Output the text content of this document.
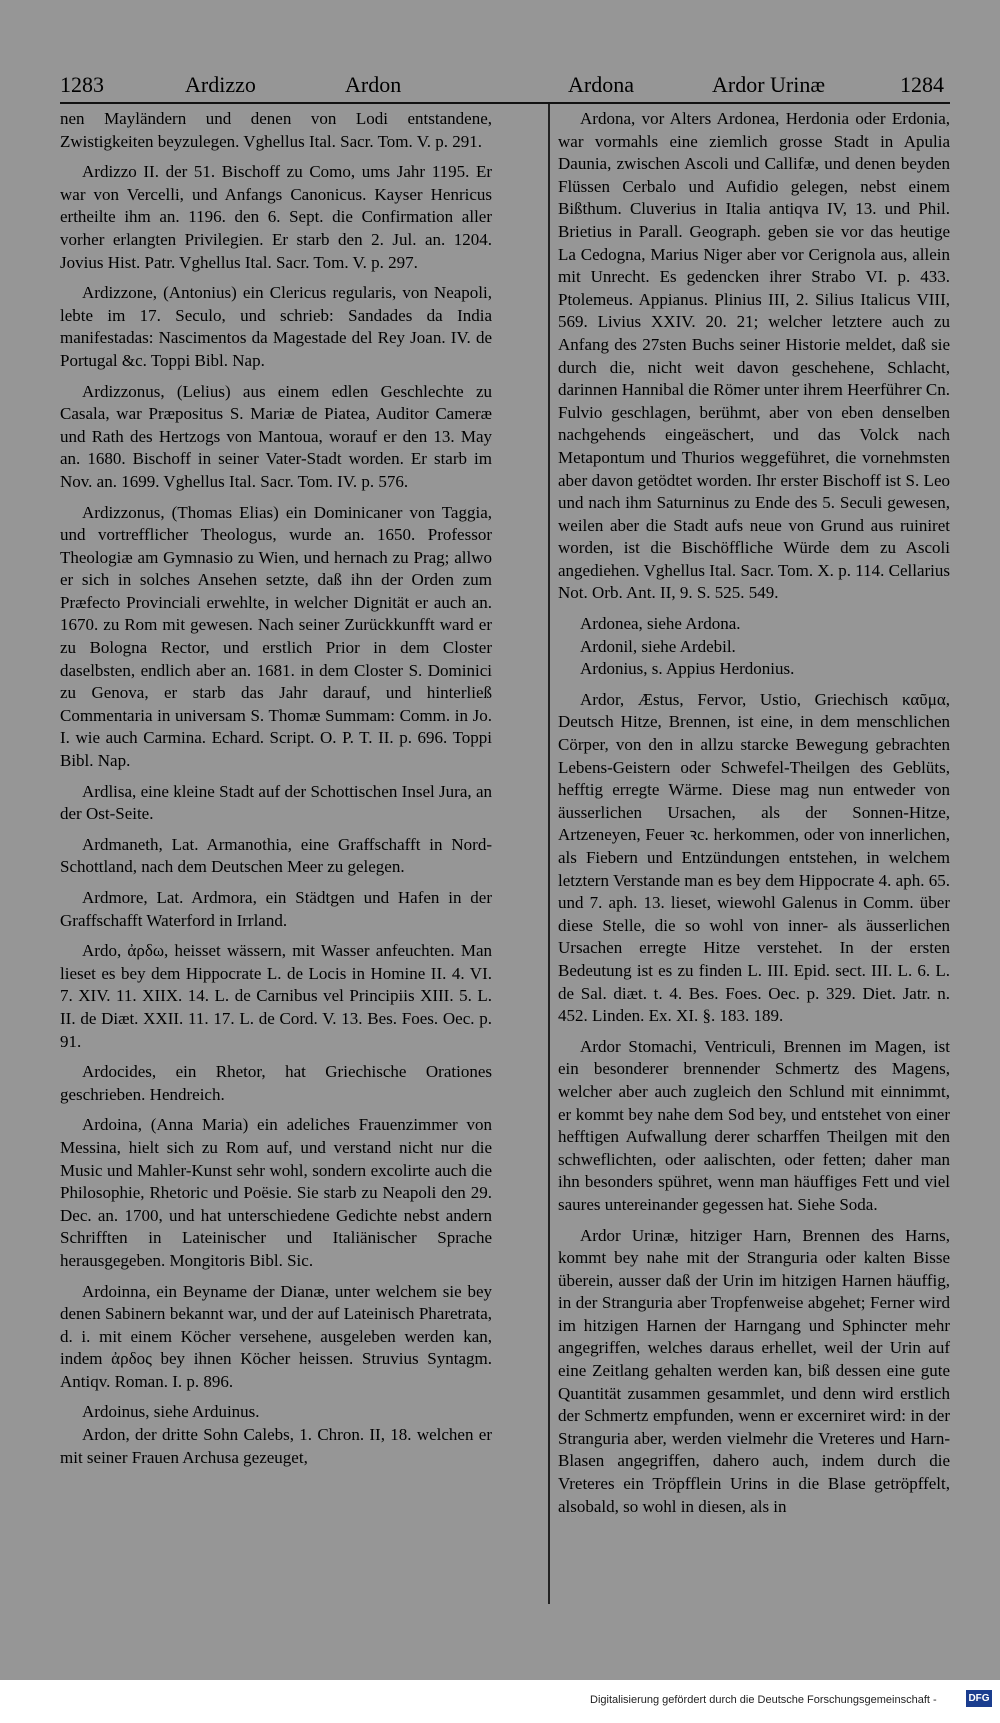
1283	Ardizzo	Ardon	Ardona	Ardor Urinæ	1284

nen Mayländern und denen von Lodi entstandene, Zwistigkeiten beyzulegen. Vghellus Ital. Sacr. Tom. V. p. 291.

Ardizzo II. der 51. Bischoff zu Como, ums Jahr 1195. Er war von Vercelli, und Anfangs Canonicus. Kayser Henricus ertheilte ihm an. 1196. den 6. Sept. die Confirmation aller vorher erlangten Privilegien. Er starb den 2. Jul. an. 1204. Jovius Hist. Patr. Vghellus Ital. Sacr. Tom. V. p. 297.

Ardizzone, (Antonius) ein Clericus regularis, von Neapoli, lebte im 17. Seculo, und schrieb: Sandades da India manifestadas: Nascimentos da Magestade del Rey Joan. IV. de Portugal &c. Toppi Bibl. Nap.

Ardizzonus, (Lelius) aus einem edlen Geschlechte zu Casala, war Præpositus S. Mariæ de Piatea, Auditor Cameræ und Rath des Hertzogs von Mantoua, worauf er den 13. May an. 1680. Bischoff in seiner Vater-Stadt worden. Er starb im Nov. an. 1699. Vghellus Ital. Sacr. Tom. IV. p. 576.

Ardizzonus, (Thomas Elias) ein Dominicaner von Taggia, und vortrefflicher Theologus, wurde an. 1650. Professor Theologiæ am Gymnasio zu Wien, und hernach zu Prag; allwo er sich in solches Ansehen setzte, daß ihn der Orden zum Præfecto Provinciali erwehlte, in welcher Dignität er auch an. 1670. zu Rom mit gewesen. Nach seiner Zurückkunfft ward er zu Bologna Rector, und erstlich Prior in dem Closter daselbsten, endlich aber an. 1681. in dem Closter S. Dominici zu Genova, er starb das Jahr darauf, und hinterließ Commentaria in universam S. Thomæ Summam: Comm. in Jo. I. wie auch Carmina. Echard. Script. O. P. T. II. p. 696. Toppi Bibl. Nap.

Ardlisa, eine kleine Stadt auf der Schottischen Insel Jura, an der Ost-Seite.

Ardmaneth, Lat. Armanothia, eine Graffschafft in Nord-Schottland, nach dem Deutschen Meer zu gelegen.

Ardmore, Lat. Ardmora, ein Städtgen und Hafen in der Graffschafft Waterford in Irrland.

Ardo, ἀρδω, heisset wässern, mit Wasser anfeuchten. Man lieset es bey dem Hippocrate L. de Locis in Homine II. 4. VI. 7. XIV. 11. XIIX. 14. L. de Carnibus vel Principiis XIII. 5. L. II. de Diæt. XXII. 11. 17. L. de Cord. V. 13. Bes. Foes. Oec. p. 91.

Ardocides, ein Rhetor, hat Griechische Orationes geschrieben. Hendreich.

Ardoina, (Anna Maria) ein adeliches Frauenzimmer von Messina, hielt sich zu Rom auf, und verstand nicht nur die Music und Mahler-Kunst sehr wohl, sondern excolirte auch die Philosophie, Rhetoric und Poësie. Sie starb zu Neapoli den 29. Dec. an. 1700, und hat unterschiedene Gedichte nebst andern Schrifften in Lateinischer und Italiänischer Sprache herausgegeben. Mongitoris Bibl. Sic.

Ardoinna, ein Beyname der Dianæ, unter welchem sie bey denen Sabinern bekannt war, und der auf Lateinisch Pharetrata, d. i. mit einem Köcher versehene, ausgeleben werden kan, indem ἀρδος bey ihnen Köcher heissen. Struvius Syntagm. Antiqv. Roman. I. p. 896.

Ardoinus, siehe Arduinus.

Ardon, der dritte Sohn Calebs, 1. Chron. II, 18. welchen er mit seiner Frauen Archusa gezeuget,

Ardona, vor Alters Ardonea, Herdonia oder Erdonia, war vormahls eine ziemlich grosse Stadt in Apulia Daunia, zwischen Ascoli und Callifæ, und denen beyden Flüssen Cerbalo und Aufidio gelegen, nebst einem Bißthum. Cluverius in Italia antiqva IV, 13. und Phil. Brietius in Parall. Geograph. geben sie vor das heutige La Cedogna, Marius Niger aber vor Cerignola aus, allein mit Unrecht. Es gedencken ihrer Strabo VI. p. 433. Ptolemeus. Appianus. Plinius III, 2. Silius Italicus VIII, 569. Livius XXIV. 20. 21; welcher letztere auch zu Anfang des 27sten Buchs seiner Historie meldet, daß sie durch die, nicht weit davon geschehene, Schlacht, darinnen Hannibal die Römer unter ihrem Heerführer Cn. Fulvio geschlagen, berühmt, aber von eben denselben nachgehends eingeäschert, und das Volck nach Metapontum und Thurios weggeführet, die vornehmsten aber davon getödtet worden. Ihr erster Bischoff ist S. Leo und nach ihm Saturninus zu Ende des 5. Seculi gewesen, weilen aber die Stadt aufs neue von Grund aus ruiniret worden, ist die Bischöffliche Würde dem zu Ascoli angediehen. Vghellus Ital. Sacr. Tom. X. p. 114. Cellarius Not. Orb. Ant. II, 9. S. 525. 549.

Ardonea, siehe Ardona.

Ardonil, siehe Ardebil.

Ardonius, s. Appius Herdonius.

Ardor, Æstus, Fervor, Ustio, Griechisch καῦμα, Deutsch Hitze, Brennen, ist eine, in dem menschlichen Cörper, von den in allzu starcke Bewegung gebrachten Lebens-Geistern oder Schwefel-Theilgen des Geblüts, hefftig erregte Wärme. Diese mag nun entweder von äusserlichen Ursachen, als der Sonnen-Hitze, Artzeneyen, Feuer ꝛc. herkommen, oder von innerlichen, als Fiebern und Entzündungen entstehen, in welchem letztern Verstande man es bey dem Hippocrate 4. aph. 65. und 7. aph. 13. lieset, wiewohl Galenus in Comm. über diese Stelle, die so wohl von inner- als äusserlichen Ursachen erregte Hitze verstehet. In der ersten Bedeutung ist es zu finden L. III. Epid. sect. III. L. 6. L. de Sal. diæt. t. 4. Bes. Foes. Oec. p. 329. Diet. Jatr. n. 452. Linden. Ex. XI. §. 183. 189.

Ardor Stomachi, Ventriculi, Brennen im Magen, ist ein besonderer brennender Schmertz des Magens, welcher aber auch zugleich den Schlund mit einnimmt, er kommt bey nahe dem Sod bey, und entstehet von einer hefftigen Aufwallung derer scharffen Theilgen mit den schweflichten, oder aalischten, oder fetten; daher man ihn besonders spühret, wenn man häuffiges Fett und viel saures untereinander gegessen hat. Siehe Soda.

Ardor Urinæ, hitziger Harn, Brennen des Harns, kommt bey nahe mit der Stranguria oder kalten Bisse überein, ausser daß der Urin im hitzigen Harnen häuffig, in der Stranguria aber Tropfenweise abgehet; Ferner wird im hitzigen Harnen der Harngang und Sphincter mehr angegriffen, welches daraus erhellet, weil der Urin auf eine Zeitlang gehalten werden kan, biß dessen eine gute Quantität zusammen gesammlet, und denn wird erstlich der Schmertz empfunden, wenn er excerniret wird: in der Stranguria aber, werden vielmehr die Vreteres und Harn-Blasen angegriffen, dahero auch, indem durch die Vreteres ein Tröpfflein Urins in die Blase getröpffelt, alsobald, so wohl in diesen, als in

Digitalisierung gefördert durch die Deutsche Forschungsgemeinschaft -	DFG
